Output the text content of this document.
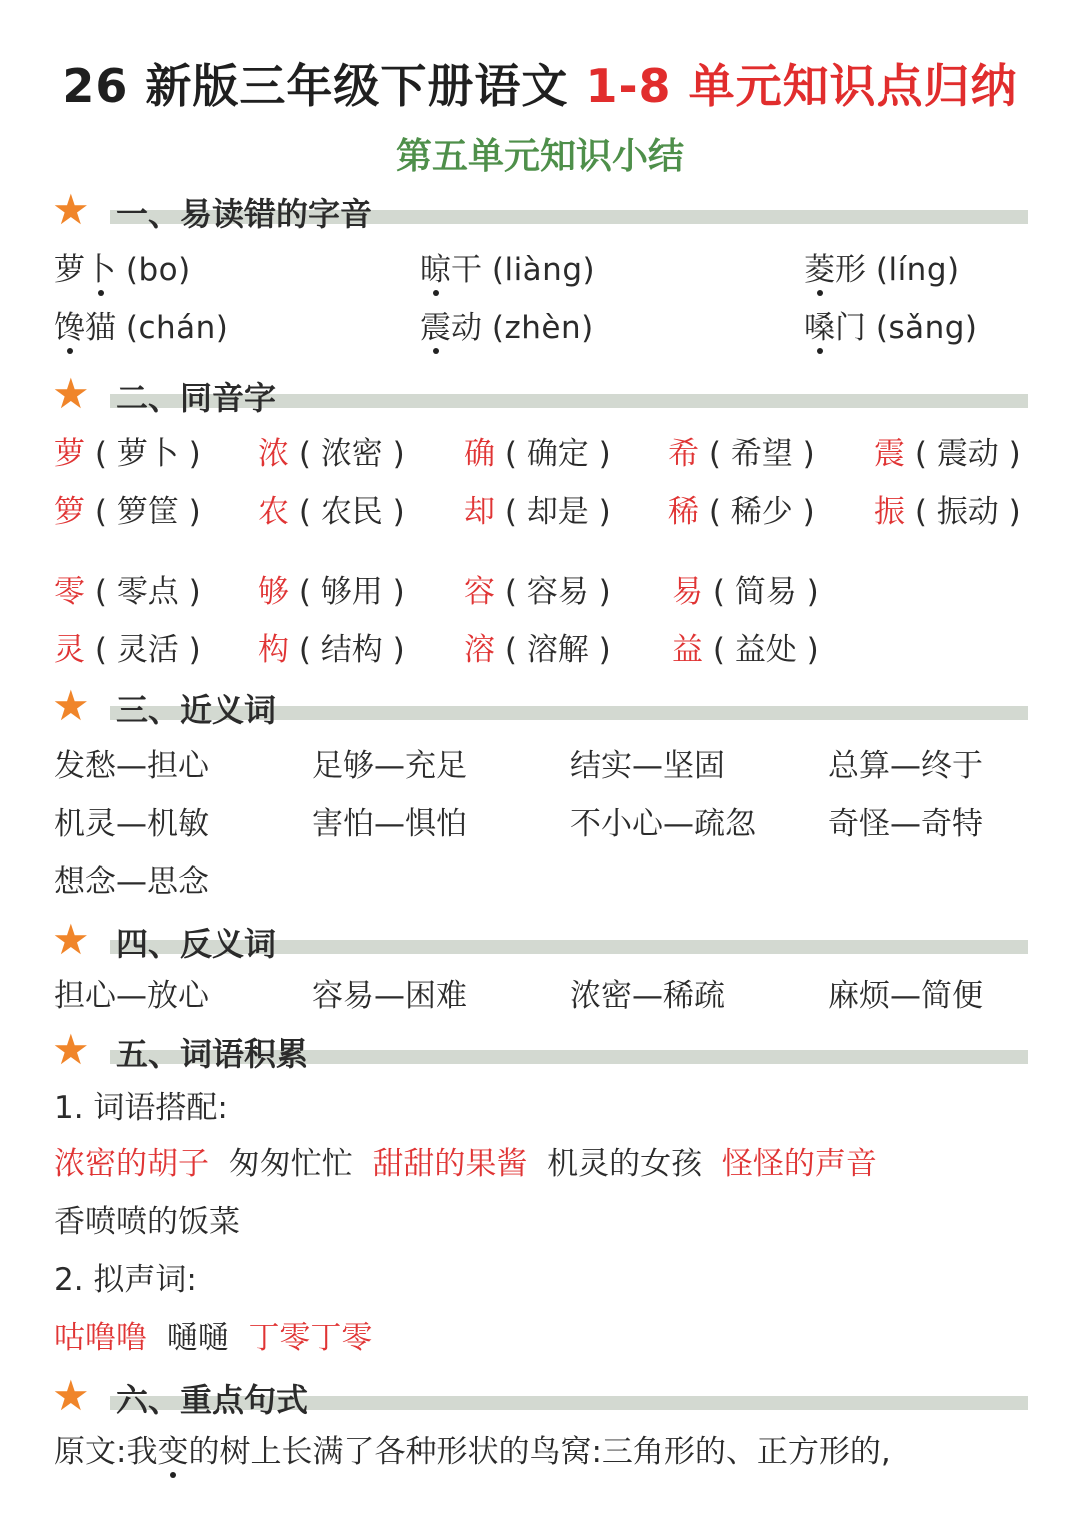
26 新版三年级下册语文 1-8 单元知识点归纳
第五单元知识小结
★ 一、易读错的字音
萝卜 (bo)	晾干 (liàng)	菱形 (líng)
馋猫 (chán)	震动 (zhèn)	嗓门 (sǎng)
★ 二、同音字
萝 ( 萝卜 ) 浓 ( 浓密 ) 确 ( 确定 ) 希 ( 希望 ) 震 ( 震动 )
箩 ( 箩筐 ) 农 ( 农民 ) 却 ( 却是 ) 稀 ( 稀少 ) 振 ( 振动 )
零 ( 零点 ) 够 ( 够用 ) 容 ( 容易 ) 易 ( 简易 )
灵 ( 灵活 ) 构 ( 结构 ) 溶 ( 溶解 ) 益 ( 益处 )
★ 三、近义词
发愁—担心	足够—充足	结实—坚固	总算—终于
机灵—机敏	害怕—惧怕	不小心—疏忽 奇怪—奇特
想念—思念
★ 四、反义词
担心—放心	容易—困难	浓密—稀疏	麻烦—简便
★ 五、词语积累
1. 词语搭配:
浓密的胡子 匆匆忙忙 甜甜的果酱 机灵的女孩 怪怪的声音
香喷喷的饭菜
2. 拟声词:
咕噜噜 嗵嗵 丁零丁零
★ 六、重点句式
原文:我变的树上长满了各种形状的鸟窝:三角形的、正方形的,
